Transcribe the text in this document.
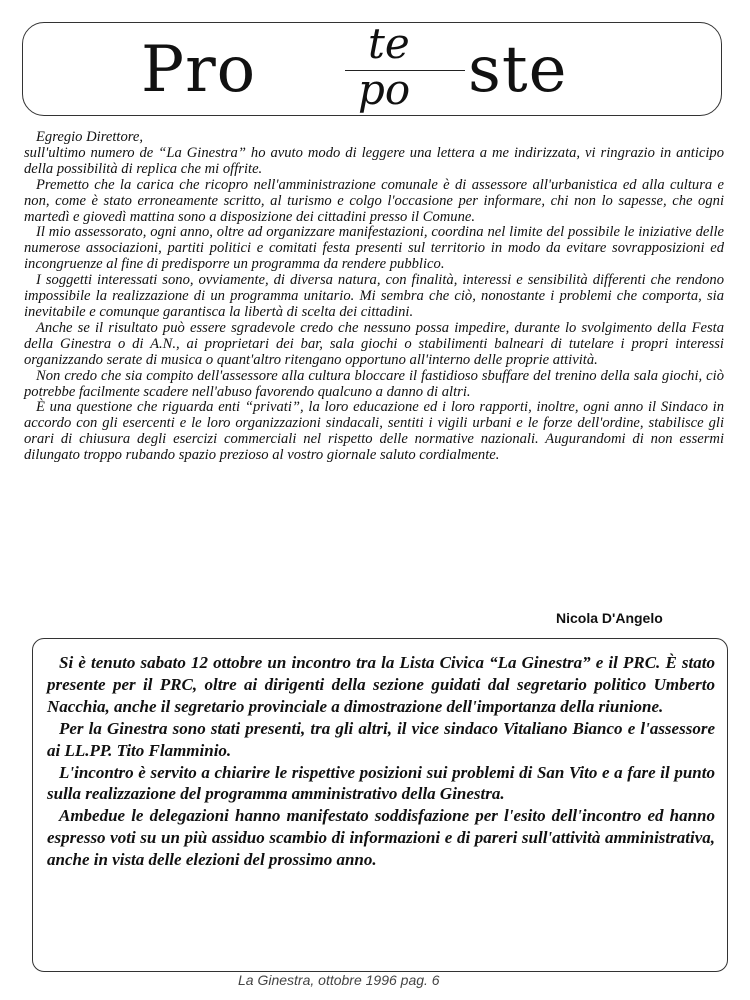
Pro	te
po ste

Egregio Direttore,

sull'ultimo numero de “La Ginestra” ho avuto modo di leggere una lettera a me indirizzata, vi ringrazio in anticipo della possibilità di replica che mi offrite.

Premetto che la carica che ricopro nell'amministrazione comunale è di assessore all'urbanistica ed alla cultura e non, come è stato erroneamente scritto, al turismo e colgo l'occasione per informare, chi non lo sapesse, che ogni martedì e giovedì mattina sono a disposizione dei cittadini presso il Comune.

Il mio assessorato, ogni anno, oltre ad organizzare manifestazioni, coordina nel limite del possibile le iniziative delle numerose associazioni, partiti politici e comitati festa presenti sul territorio in modo da evitare sovrapposizioni ed incongruenze al fine di predisporre un programma da rendere pubblico.

I soggetti interessati sono, ovviamente, di diversa natura, con finalità, interessi e sensibilità differenti che rendono impossibile la realizzazione di un programma unitario. Mi sembra che ciò, nonostante i problemi che comporta, sia inevitabile e comunque garantisca la libertà di scelta dei cittadini.

Anche se il risultato può essere sgradevole credo che nessuno possa impedire, durante lo svolgimento della Festa della Ginestra o di A.N., ai proprietari dei bar, sala giochi o stabilimenti balneari di tutelare i propri interessi organizzando serate di musica o quant'altro ritengano opportuno all'interno delle proprie attività.

Non credo che sia compito dell'assessore alla cultura bloccare il fastidioso sbuffare del trenino della sala giochi, ciò potrebbe facilmente scadere nell'abuso favorendo qualcuno a danno di altri.

È una questione che riguarda enti “privati”, la loro educazione ed i loro rapporti, inoltre, ogni anno il Sindaco in accordo con gli esercenti e le loro organizzazioni sindacali, sentiti i vigili urbani e le forze dell'ordine, stabilisce gli orari di chiusura degli esercizi commerciali nel rispetto delle normative nazionali. Augurandomi di non essermi dilungato troppo rubando spazio prezioso al vostro giornale saluto cordialmente.

Nicola D'Angelo

Si è tenuto sabato 12 ottobre un incontro tra la Lista Civica “La Ginestra” e il PRC. È stato presente per il PRC, oltre ai dirigenti della sezione guidati dal segretario politico Umberto Nacchia, anche il segretario provinciale a dimostrazione dell'importanza della riunione.

Per la Ginestra sono stati presenti, tra gli altri, il vice sindaco Vitaliano Bianco e l'assessore ai LL.PP. Tito Flamminio.

L'incontro è servito a chiarire le rispettive posizioni sui problemi di San Vito e a fare il punto sulla realizzazione del programma amministrativo della Ginestra.

Ambedue le delegazioni hanno manifestato soddisfazione per l'esito dell'incontro ed hanno espresso voti su un più assiduo scambio di informazioni e di pareri sull'attività amministrativa, anche in vista delle elezioni del prossimo anno.

La Ginestra, ottobre 1996 pag. 6
